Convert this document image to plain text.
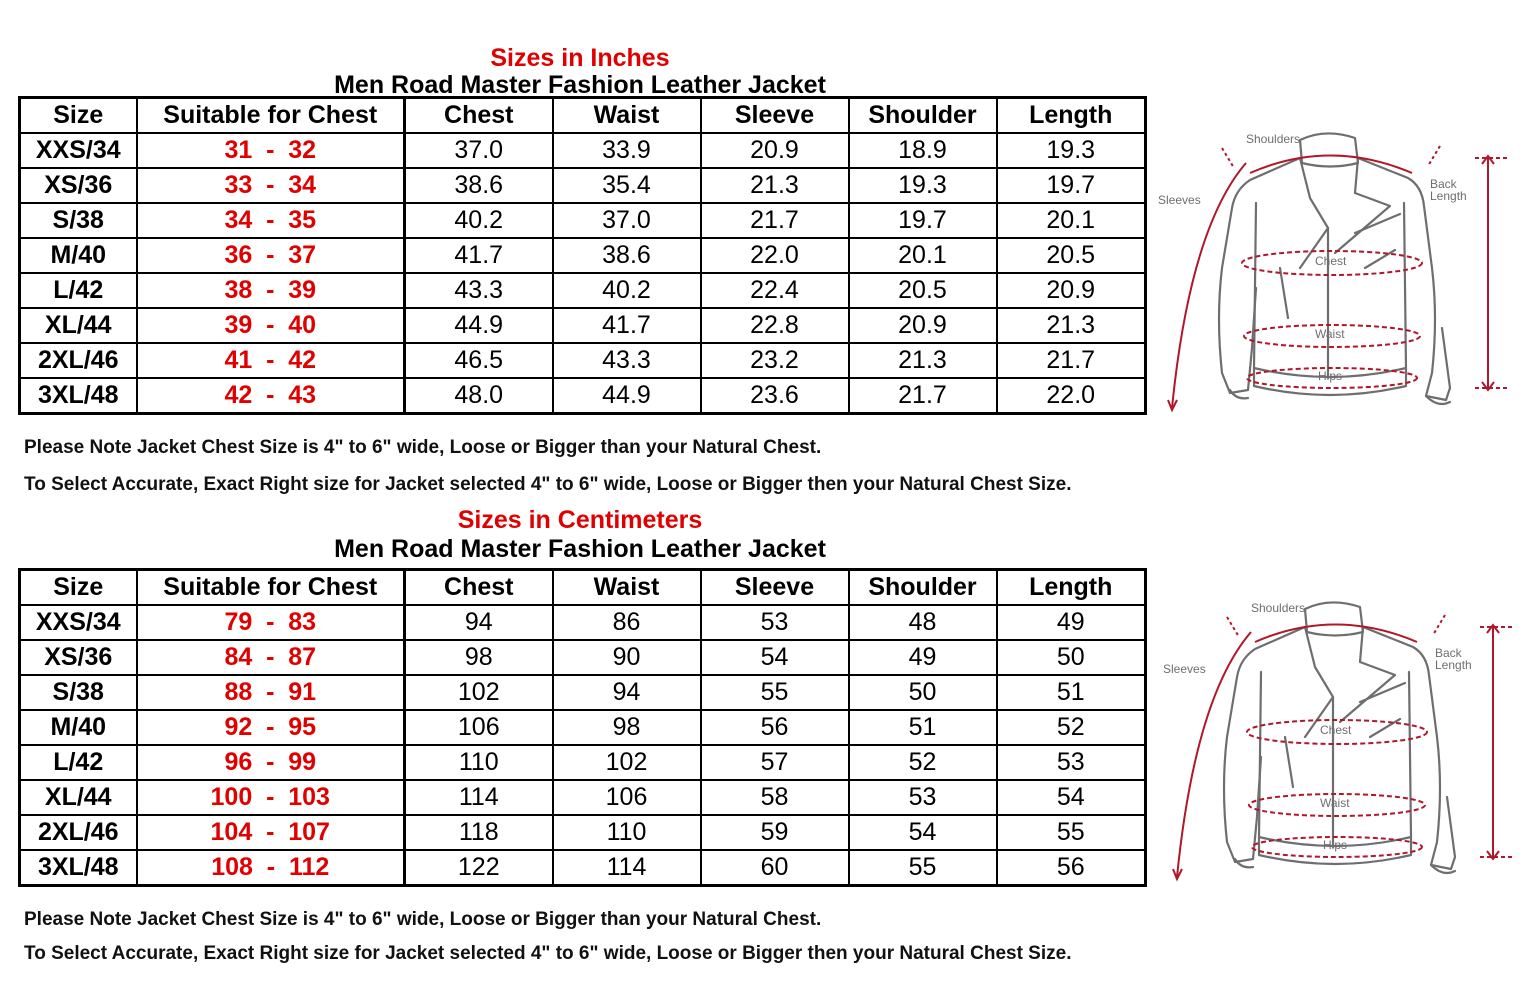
Sizes in Inches
Men Road Master Fashion Leather Jacket
Size	Suitable for Chest	Chest	Waist	Sleeve	Shoulder	Length
XXS/34	31 - 32	37.0	33.9	20.9	18.9	19.3
XS/36	33 - 34	38.6	35.4	21.3	19.3	19.7
S/38	34 - 35	40.2	37.0	21.7	19.7	20.1
M/40	36 - 37	41.7	38.6	22.0	20.1	20.5
L/42	38 - 39	43.3	40.2	22.4	20.5	20.9
XL/44	39 - 40	44.9	41.7	22.8	20.9	21.3
2XL/46	41 - 42	46.5	43.3	23.2	21.3	21.7
3XL/48	42 - 43	48.0	44.9	23.6	21.7	22.0
Please Note Jacket Chest Size is 4" to 6" wide, Loose or Bigger than your Natural Chest.
To Select Accurate, Exact Right size for Jacket selected 4" to 6" wide, Loose or Bigger then your Natural Chest Size.
Shoulders
Sleeves
Back
Length
Chest
Waist
Hips
Sizes in Centimeters
Men Road Master Fashion Leather Jacket
Size	Suitable for Chest	Chest	Waist	Sleeve	Shoulder	Length
XXS/34	79 - 83	94	86	53	48	49
XS/36	84 - 87	98	90	54	49	50
S/38	88 - 91	102	94	55	50	51
M/40	92 - 95	106	98	56	51	52
L/42	96 - 99	110	102	57	52	53
XL/44	100 - 103	114	106	58	53	54
2XL/46	104 - 107	118	110	59	54	55
3XL/48	108 - 112	122	114	60	55	56
Please Note Jacket Chest Size is 4" to 6" wide, Loose or Bigger than your Natural Chest.
To Select Accurate, Exact Right size for Jacket selected 4" to 6" wide, Loose or Bigger then your Natural Chest Size.
Shoulders
Sleeves
Back
Length
Chest
Waist
Hips
